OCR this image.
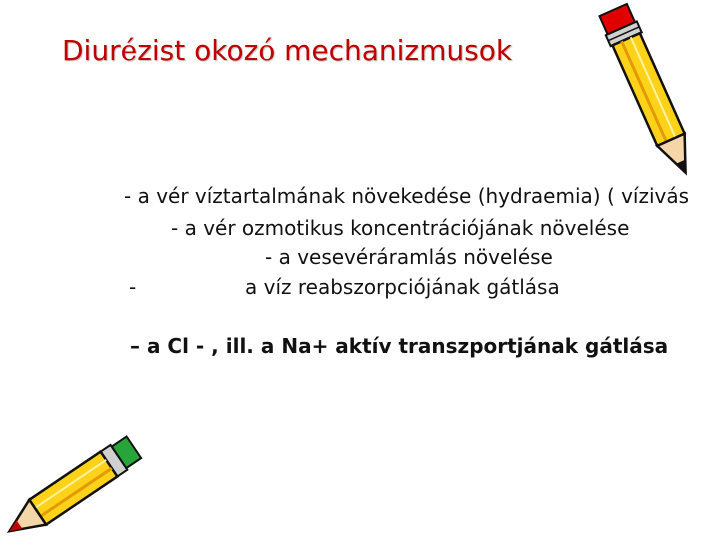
Diurézist okozó mechanizmusok
- a vér víztartalmának növekedése (hydraemia) ( vízivás
- a vér ozmotikus koncentrációjának növelése
- a vesevéráramlás növelése
-	a víz reabszorpciójának gátlása
– a Cl - , ill. a Na+ aktív transzportjának gátlása
